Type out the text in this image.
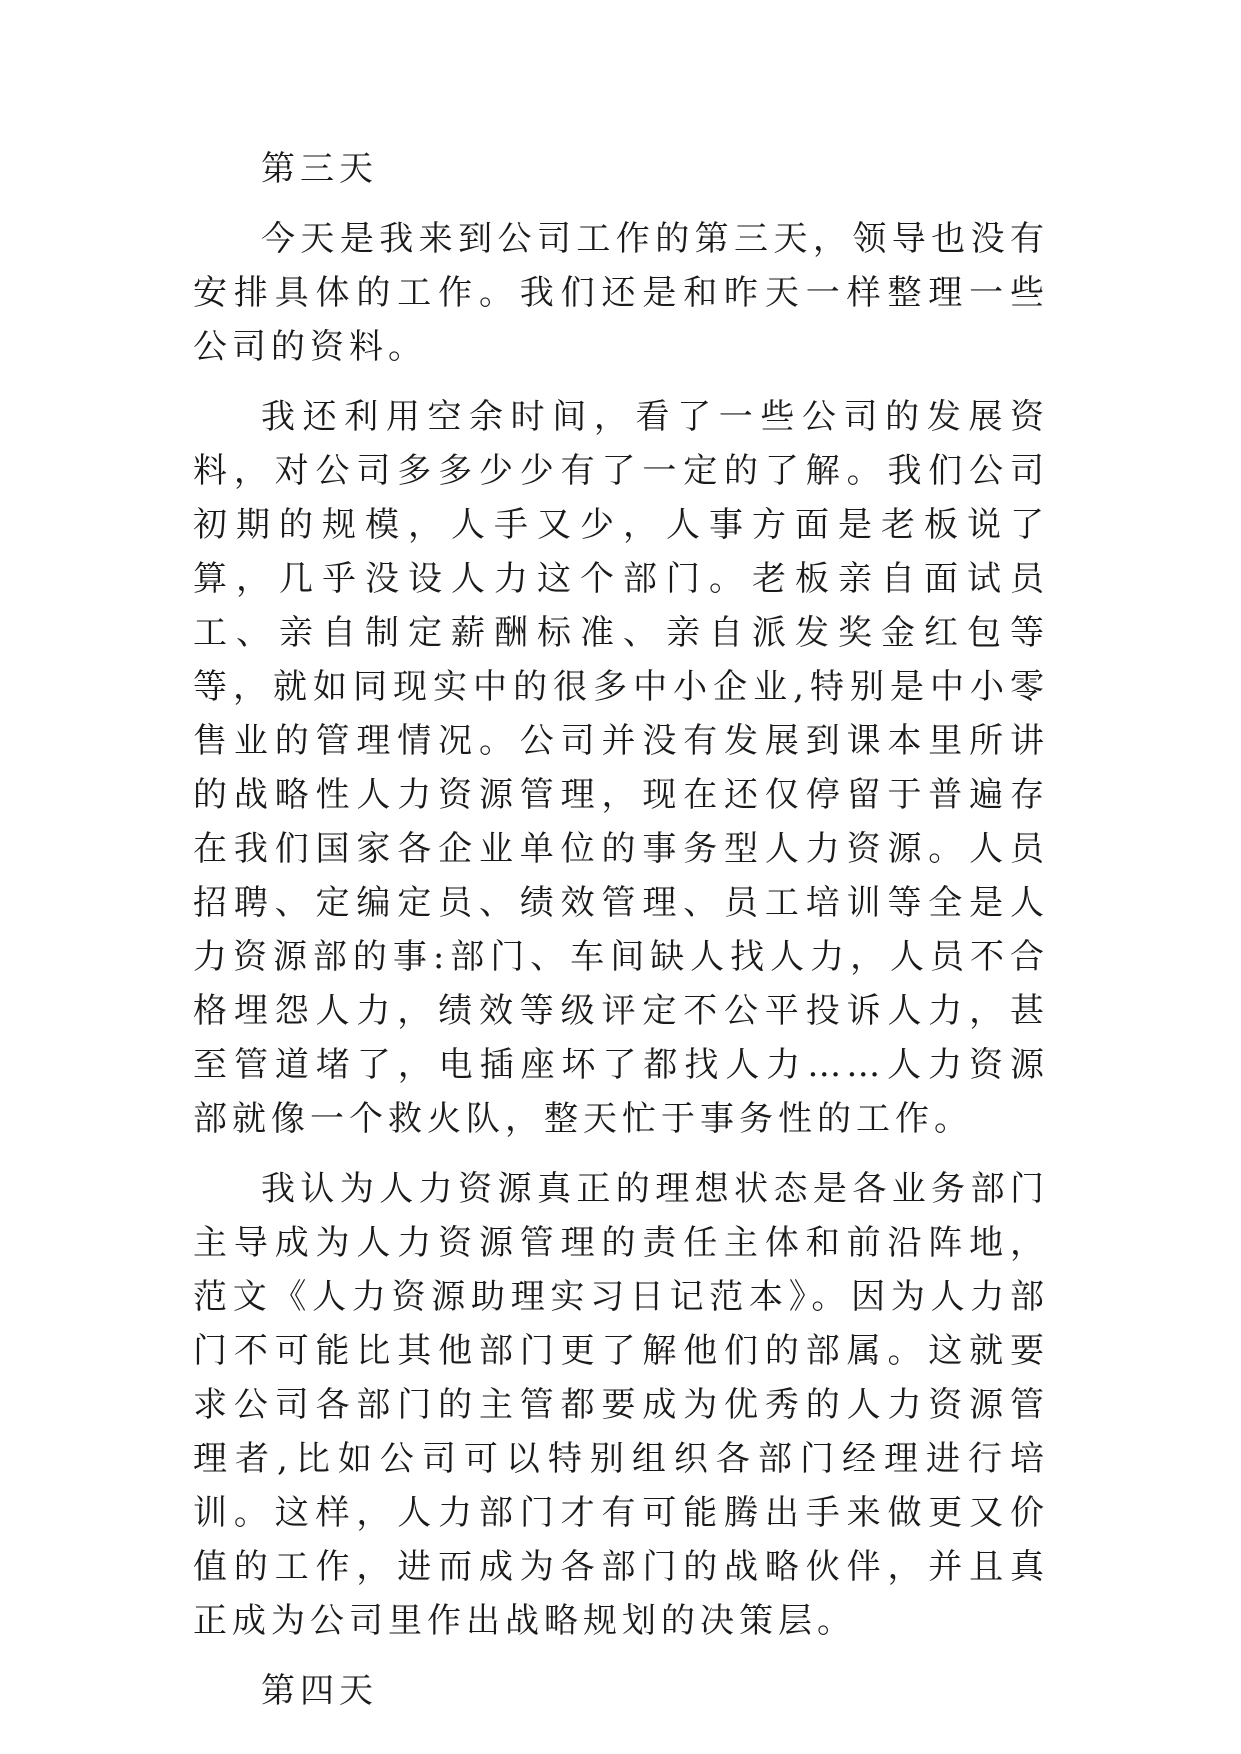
第三天

今天是我来到公司工作的第三天，领导也没有安排具体的工作。我们还是和昨天一样整理一些公司的资料。

我还利用空余时间，看了一些公司的发展资料，对公司多多少少有了一定的了解。我们公司初期的规模，人手又少，人事方面是老板说了算，几乎没设人力这个部门。老板亲自面试员工、亲自制定薪酬标准、亲自派发奖金红包等等，就如同现实中的很多中小企业,特别是中小零售业的管理情况。公司并没有发展到课本里所讲的战略性人力资源管理，现在还仅停留于普遍存在我们国家各企业单位的事务型人力资源。人员招聘、定编定员、绩效管理、员工培训等全是人力资源部的事:部门、车间缺人找人力，人员不合格埋怨人力，绩效等级评定不公平投诉人力，甚至管道堵了，电插座坏了都找人力……人力资源部就像一个救火队，整天忙于事务性的工作。

我认为人力资源真正的理想状态是各业务部门主导成为人力资源管理的责任主体和前沿阵地，范文《人力资源助理实习日记范本》。因为人力部门不可能比其他部门更了解他们的部属。这就要求公司各部门的主管都要成为优秀的人力资源管理者,比如公司可以特别组织各部门经理进行培训。这样，人力部门才有可能腾出手来做更又价值的工作，进而成为各部门的战略伙伴，并且真正成为公司里作出战略规划的决策层。

第四天
